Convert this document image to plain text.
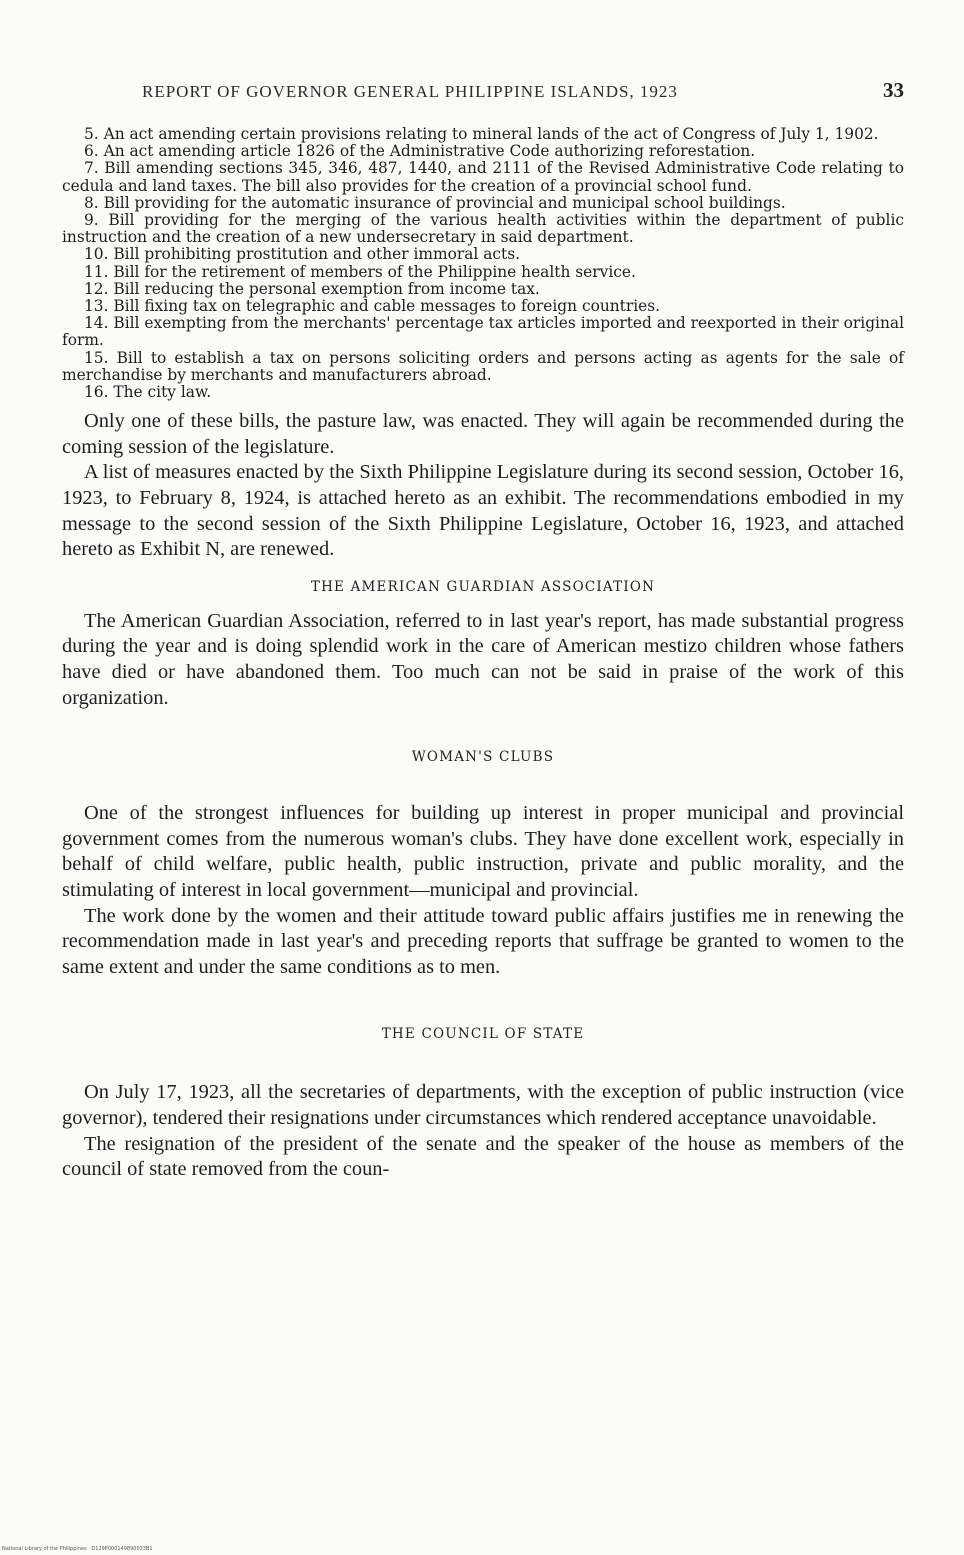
REPORT OF GOVERNOR GENERAL PHILIPPINE ISLANDS, 1923	33

5. An act amending certain provisions relating to mineral lands of the act of Congress of July 1, 1902.

6. An act amending article 1826 of the Administrative Code authorizing reforestation.

7. Bill amending sections 345, 346, 487, 1440, and 2111 of the Revised Administrative Code relating to cedula and land taxes. The bill also provides for the creation of a provincial school fund.

8. Bill providing for the automatic insurance of provincial and municipal school buildings.

9. Bill providing for the merging of the various health activities within the department of public instruction and the creation of a new undersecretary in said department.

10. Bill prohibiting prostitution and other immoral acts.

11. Bill for the retirement of members of the Philippine health service.

12. Bill reducing the personal exemption from income tax.

13. Bill fixing tax on telegraphic and cable messages to foreign countries.

14. Bill exempting from the merchants' percentage tax articles imported and reexported in their original form.

15. Bill to establish a tax on persons soliciting orders and persons acting as agents for the sale of merchandise by merchants and manufacturers abroad.

16. The city law.

Only one of these bills, the pasture law, was enacted. They will again be recommended during the coming session of the legislature.

A list of measures enacted by the Sixth Philippine Legislature during its second session, October 16, 1923, to February 8, 1924, is attached hereto as an exhibit. The recommendations embodied in my message to the second session of the Sixth Philippine Legislature, October 16, 1923, and attached hereto as Exhibit N, are renewed.

THE AMERICAN GUARDIAN ASSOCIATION

The American Guardian Association, referred to in last year's report, has made substantial progress during the year and is doing splendid work in the care of American mestizo children whose fathers have died or have abandoned them. Too much can not be said in praise of the work of this organization.

WOMAN'S CLUBS

One of the strongest influences for building up interest in proper municipal and provincial government comes from the numerous woman's clubs. They have done excellent work, especially in behalf of child welfare, public health, public instruction, private and public morality, and the stimulating of interest in local government—municipal and provincial.

The work done by the women and their attitude toward public affairs justifies me in renewing the recommendation made in last year's and preceding reports that suffrage be granted to women to the same extent and under the same conditions as to men.

THE COUNCIL OF STATE

On July 17, 1923, all the secretaries of departments, with the exception of public instruction (vice governor), tendered their resignations under circumstances which rendered acceptance unavoidable.

The resignation of the president of the senate and the speaker of the house as members of the council of state removed from the coun-

National Library of the Philippines · D129P000149890033B1
